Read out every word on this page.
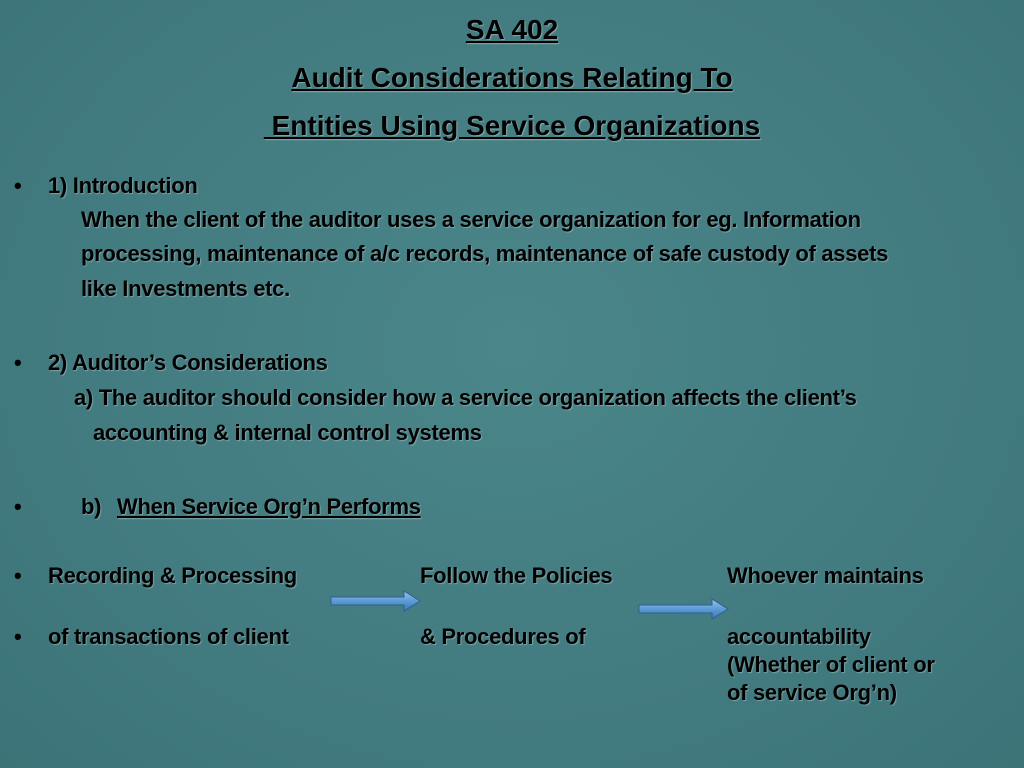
SA 402
Audit Considerations Relating To
Entities Using Service Organizations
• 1) Introduction
When the client of the auditor uses a service organization for eg. Information
processing, maintenance of a/c records, maintenance of safe custody of assets
like Investments etc.
• 2) Auditor’s Considerations
a) The auditor should consider how a service organization affects the client’s
accounting & internal control systems
•	b) When Service Org’n Performs
• Recording & Processing	Follow the Policies	Whoever maintains
• of transactions of client	& Procedures of	accountability
(Whether of client or
of service Org’n)
